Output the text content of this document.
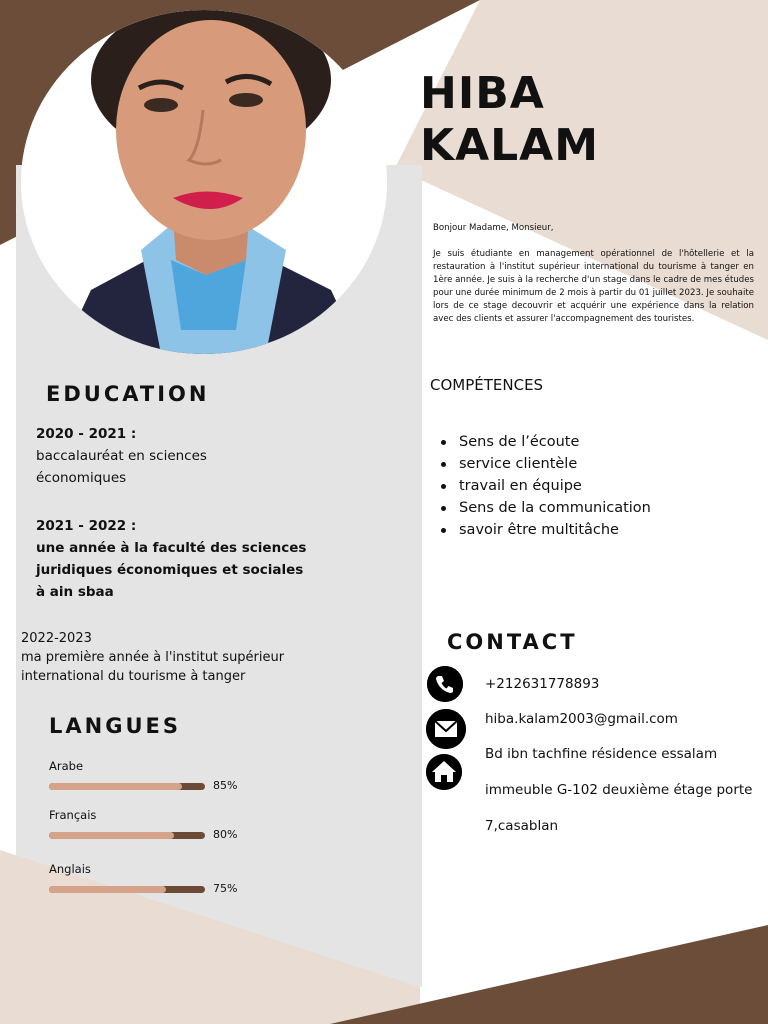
HIBA
KALAM

Bonjour Madame, Monsieur,

Je suis étudiante en management opérationnel de l'hôtellerie et la restauration à l'institut supérieur international du tourisme à tanger en 1ère année. Je suis à la recherche d'un stage dans le cadre de mes études pour une durée minimum de 2 mois à partir du 01 juillet 2023. Je souhaite lors de ce stage decouvrir et acquérir une expérience dans la relation avec des clients et assurer l'accompagnement des touristes.

EDUCATION
2020 - 2021 :
baccalauréat en sciences économiques
2021 - 2022 :
une année à la faculté des sciences juridiques économiques et sociales à ain sbaa
2022-2023
ma première année à l'institut supérieur international du tourisme à tanger
LANGUES
Arabe
85%
Français
80%
Anglais
75%
COMPÉTENCES
Sens de l’écoute
service clientèle
travail en équipe
Sens de la communication
savoir être multitâche
CONTACT
+212631778893
hiba.kalam2003@gmail.com
Bd ibn tachfine résidence essalam
immeuble G-102 deuxième étage porte
7,casablan
